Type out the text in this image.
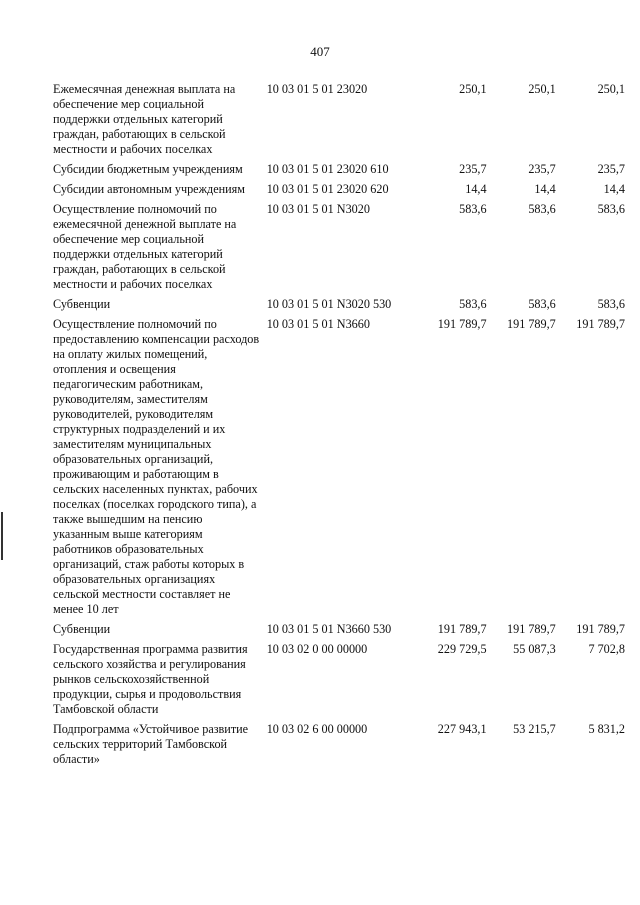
407
Ежемесячная денежная выплата на обеспечение мер социальной поддержки отдельных категорий граждан, работающих в сельской местности и рабочих поселках	10 03 01 5 01 23020	250,1	250,1	250,1
Субсидии бюджетным учреждениям	10 03 01 5 01 23020 610	235,7	235,7	235,7
Субсидии автономным учреждениям	10 03 01 5 01 23020 620	14,4	14,4	14,4
Осуществление полномочий по ежемесячной денежной выплате на обеспечение мер социальной поддержки отдельных категорий граждан, работающих в сельской местности и рабочих поселках	10 03 01 5 01 N3020	583,6	583,6	583,6
Субвенции	10 03 01 5 01 N3020 530	583,6	583,6	583,6
Осуществление полномочий по предоставлению компенсации расходов на оплату жилых помещений, отопления и освещения педагогическим работникам, руководителям, заместителям руководителей, руководителям структурных подразделений и их заместителям муниципальных образовательных организаций, проживающим и работающим в сельских населенных пунктах, рабочих поселках (поселках городского типа), а также вышедшим на пенсию указанным выше категориям работников образовательных организаций, стаж работы которых в образовательных организациях сельской местности составляет не менее 10 лет	10 03 01 5 01 N3660	191 789,7	191 789,7	191 789,7
Субвенции	10 03 01 5 01 N3660 530	191 789,7	191 789,7	191 789,7
Государственная программа развития сельского хозяйства и регулирования рынков сельскохозяйственной продукции, сырья и продовольствия Тамбовской области	10 03 02 0 00 00000	229 729,5	55 087,3	7 702,8
Подпрограмма «Устойчивое развитие сельских территорий Тамбовской области»	10 03 02 6 00 00000	227 943,1	53 215,7	5 831,2
